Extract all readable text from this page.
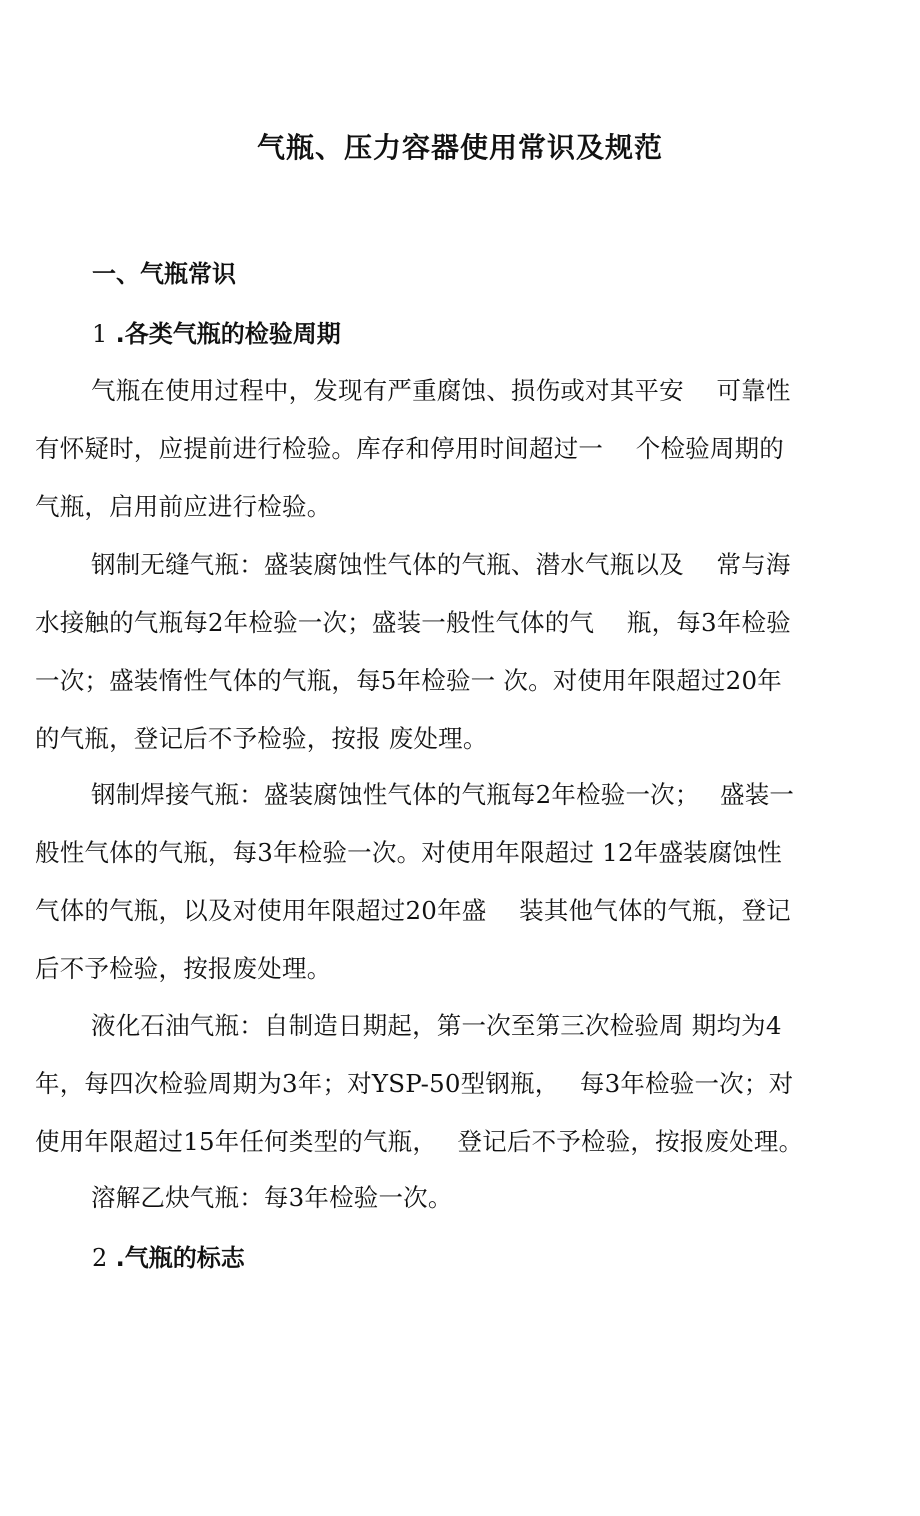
气瓶、压力容器使用常识及规范
一、气瓶常识
1 .各类气瓶的检验周期
气瓶在使用过程中，发现有严重腐蚀、损伤或对其平安　 可靠性
有怀疑时，应提前进行检验。库存和停用时间超过一　 个检验周期的
气瓶，启用前应进行检验。
钢制无缝气瓶：盛装腐蚀性气体的气瓶、潜水气瓶以及　 常与海
水接触的气瓶每2年检验一次；盛装一般性气体的气　 瓶，每3年检验
一次；盛装惰性气体的气瓶，每5年检验一 次。对使用年限超过20年
的气瓶，登记后不予检验，按报 废处理。
钢制焊接气瓶：盛装腐蚀性气体的气瓶每2年检验一次；　 盛装一
般性气体的气瓶，每3年检验一次。对使用年限超过 12年盛装腐蚀性
气体的气瓶，以及对使用年限超过20年盛　 装其他气体的气瓶，登记
后不予检验，按报废处理。
液化石油气瓶：自制造日期起，第一次至第三次检验周 期均为4
年，每四次检验周期为3年；对YSP-50型钢瓶，　 每3年检验一次；对
使用年限超过15年任何类型的气瓶，　 登记后不予检验，按报废处理。
溶解乙炔气瓶：每3年检验一次。
2 .气瓶的标志
